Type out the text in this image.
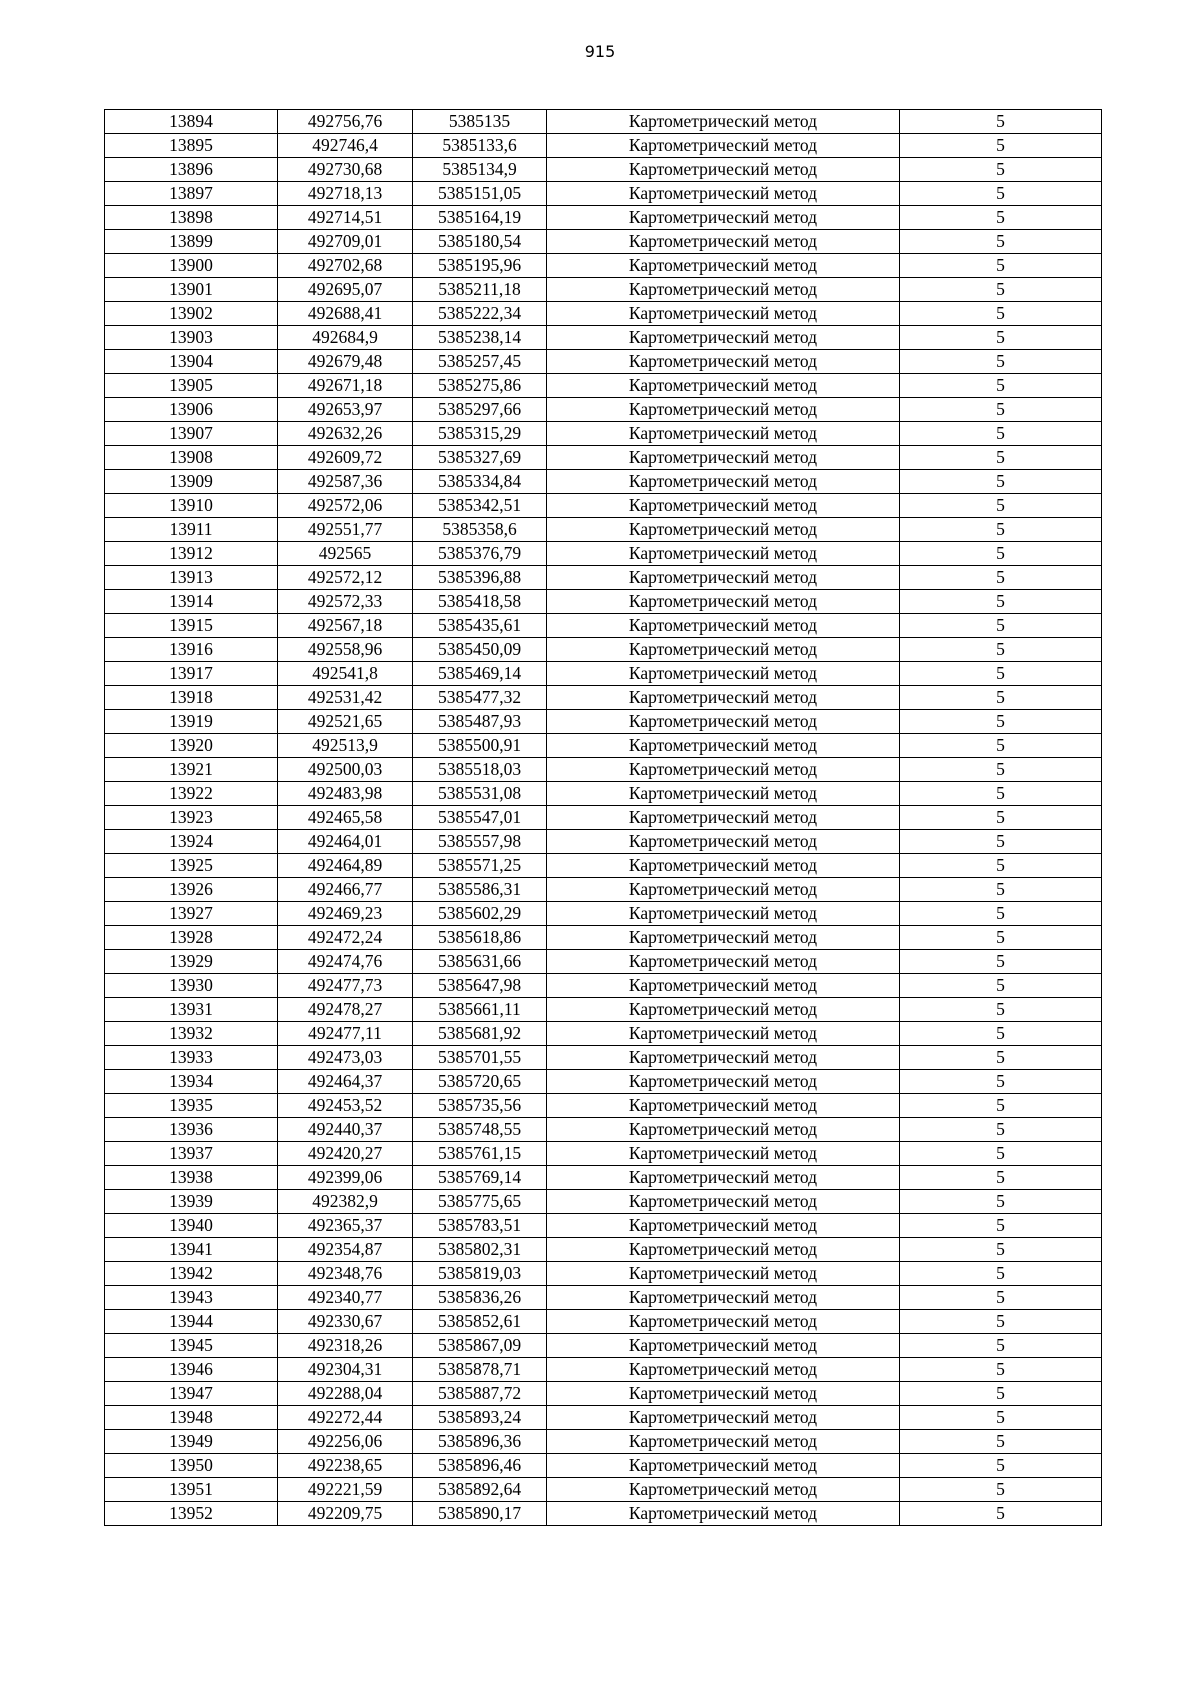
915
13894	492756,76	5385135	Картометрический метод	5
13895	492746,4	5385133,6	Картометрический метод	5
13896	492730,68	5385134,9	Картометрический метод	5
13897	492718,13	5385151,05	Картометрический метод	5
13898	492714,51	5385164,19	Картометрический метод	5
13899	492709,01	5385180,54	Картометрический метод	5
13900	492702,68	5385195,96	Картометрический метод	5
13901	492695,07	5385211,18	Картометрический метод	5
13902	492688,41	5385222,34	Картометрический метод	5
13903	492684,9	5385238,14	Картометрический метод	5
13904	492679,48	5385257,45	Картометрический метод	5
13905	492671,18	5385275,86	Картометрический метод	5
13906	492653,97	5385297,66	Картометрический метод	5
13907	492632,26	5385315,29	Картометрический метод	5
13908	492609,72	5385327,69	Картометрический метод	5
13909	492587,36	5385334,84	Картометрический метод	5
13910	492572,06	5385342,51	Картометрический метод	5
13911	492551,77	5385358,6	Картометрический метод	5
13912	492565	5385376,79	Картометрический метод	5
13913	492572,12	5385396,88	Картометрический метод	5
13914	492572,33	5385418,58	Картометрический метод	5
13915	492567,18	5385435,61	Картометрический метод	5
13916	492558,96	5385450,09	Картометрический метод	5
13917	492541,8	5385469,14	Картометрический метод	5
13918	492531,42	5385477,32	Картометрический метод	5
13919	492521,65	5385487,93	Картометрический метод	5
13920	492513,9	5385500,91	Картометрический метод	5
13921	492500,03	5385518,03	Картометрический метод	5
13922	492483,98	5385531,08	Картометрический метод	5
13923	492465,58	5385547,01	Картометрический метод	5
13924	492464,01	5385557,98	Картометрический метод	5
13925	492464,89	5385571,25	Картометрический метод	5
13926	492466,77	5385586,31	Картометрический метод	5
13927	492469,23	5385602,29	Картометрический метод	5
13928	492472,24	5385618,86	Картометрический метод	5
13929	492474,76	5385631,66	Картометрический метод	5
13930	492477,73	5385647,98	Картометрический метод	5
13931	492478,27	5385661,11	Картометрический метод	5
13932	492477,11	5385681,92	Картометрический метод	5
13933	492473,03	5385701,55	Картометрический метод	5
13934	492464,37	5385720,65	Картометрический метод	5
13935	492453,52	5385735,56	Картометрический метод	5
13936	492440,37	5385748,55	Картометрический метод	5
13937	492420,27	5385761,15	Картометрический метод	5
13938	492399,06	5385769,14	Картометрический метод	5
13939	492382,9	5385775,65	Картометрический метод	5
13940	492365,37	5385783,51	Картометрический метод	5
13941	492354,87	5385802,31	Картометрический метод	5
13942	492348,76	5385819,03	Картометрический метод	5
13943	492340,77	5385836,26	Картометрический метод	5
13944	492330,67	5385852,61	Картометрический метод	5
13945	492318,26	5385867,09	Картометрический метод	5
13946	492304,31	5385878,71	Картометрический метод	5
13947	492288,04	5385887,72	Картометрический метод	5
13948	492272,44	5385893,24	Картометрический метод	5
13949	492256,06	5385896,36	Картометрический метод	5
13950	492238,65	5385896,46	Картометрический метод	5
13951	492221,59	5385892,64	Картометрический метод	5
13952	492209,75	5385890,17	Картометрический метод	5
